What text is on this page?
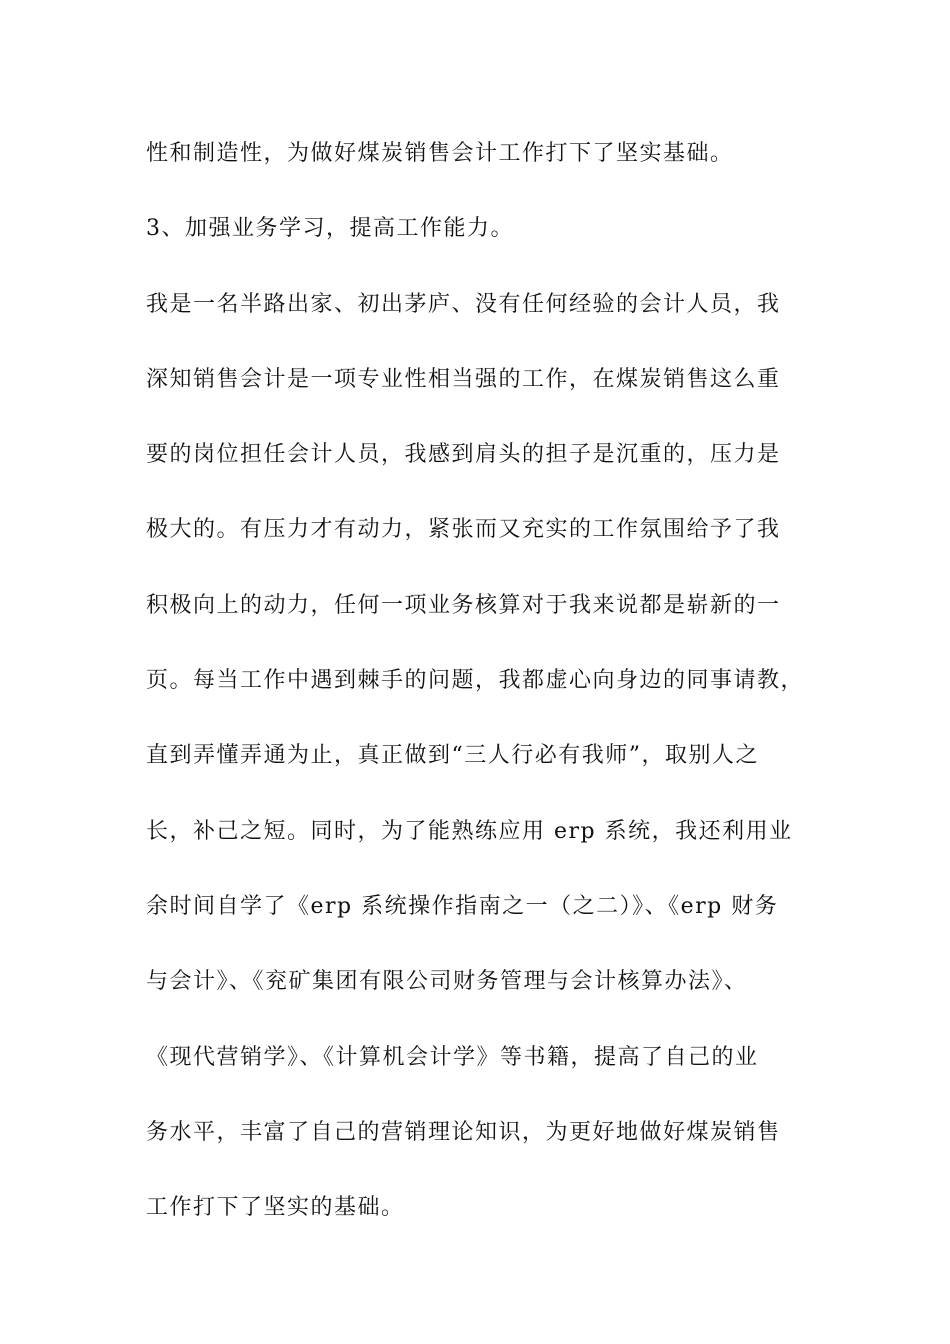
性和制造性，为做好煤炭销售会计工作打下了坚实基础。
3、加强业务学习，提高工作能力。
我是一名半路出家、初出茅庐、没有任何经验的会计人员，我
深知销售会计是一项专业性相当强的工作，在煤炭销售这么重
要的岗位担任会计人员，我感到肩头的担子是沉重的，压力是
极大的。有压力才有动力，紧张而又充实的工作氛围给予了我
积极向上的动力，任何一项业务核算对于我来说都是崭新的一
页。每当工作中遇到棘手的问题，我都虚心向身边的同事请教，
直到弄懂弄通为止，真正做到“三人行必有我师”，取别人之
长，补己之短。同时，为了能熟练应用 erp 系统，我还利用业
余时间自学了《erp 系统操作指南之一（之二）》、《erp 财务
与会计》、《兖矿集团有限公司财务管理与会计核算办法》、
《现代营销学》、《计算机会计学》等书籍，提高了自己的业
务水平，丰富了自己的营销理论知识，为更好地做好煤炭销售
工作打下了坚实的基础。
